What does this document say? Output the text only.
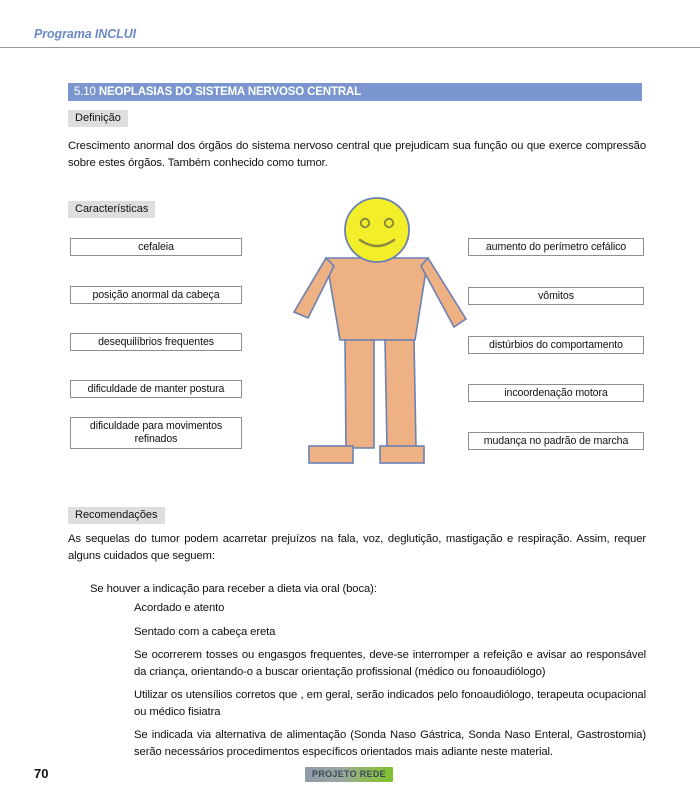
Programa INCLUI
5.10 NEOPLASIAS DO SISTEMA NERVOSO CENTRAL
Definição
Crescimento anormal dos órgãos do sistema nervoso central que prejudicam sua função ou que exerce compressão sobre estes órgãos. Também conhecido como tumor.
Características
cefaleia
posição anormal da cabeça
desequilíbrios frequentes
dificuldade de manter postura
dificuldade para movimentos refinados
aumento do perímetro cefálico
vômitos
distúrbios do comportamento
incoordenação motora
mudança no padrão de marcha
Recomendações
As sequelas do tumor podem acarretar prejuízos na fala, voz, deglutição, mastigação e respiração. Assim, requer alguns cuidados que seguem:
Se houver a indicação para receber a dieta via oral (boca):
Acordado e atento
Sentado com a cabeça ereta
Se ocorrerem tosses ou engasgos frequentes, deve-se interromper a refeição e avisar ao responsável da criança, orientando-o a buscar orientação profissional (médico ou fonoaudiólogo)
Utilizar os utensílios corretos que , em geral, serão indicados pelo fonoaudiólogo, terapeuta ocupacional ou médico fisiatra
Se indicada via alternativa de alimentação (Sonda Naso Gástrica, Sonda Naso Enteral, Gastrostomia) serão necessários procedimentos específicos orientados mais adiante neste material.
70	PROJETO REDE
